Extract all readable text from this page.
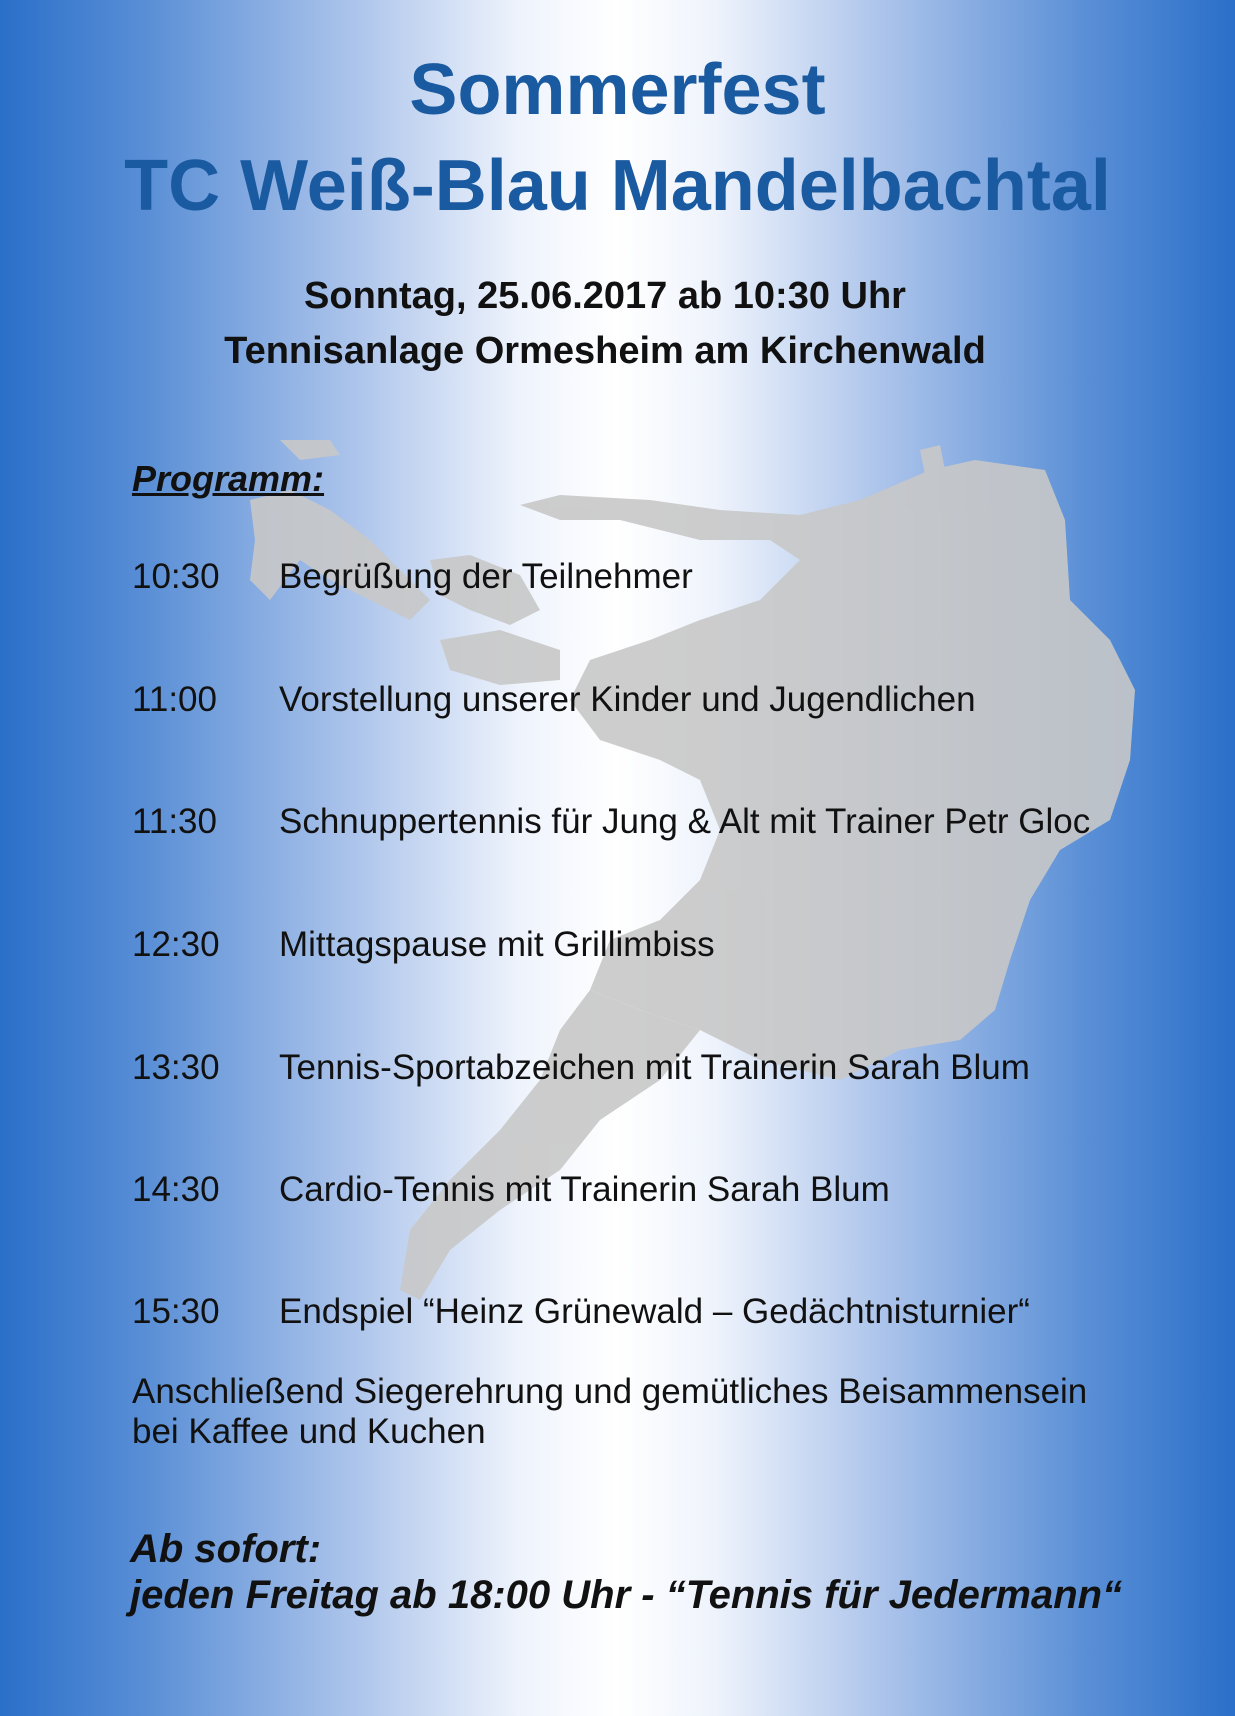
Sommerfest
TC Weiß-Blau Mandelbachtal

Sonntag, 25.06.2017 ab 10:30 Uhr

Tennisanlage Ormesheim am Kirchenwald

Programm:

10:30 Begrüßung der Teilnehmer
11:00 Vorstellung unserer Kinder und Jugendlichen
11:30 Schnuppertennis für Jung & Alt mit Trainer Petr Gloc
12:30 Mittagspause mit Grillimbiss
13:30 Tennis-Sportabzeichen mit Trainerin Sarah Blum
14:30 Cardio-Tennis mit Trainerin Sarah Blum
15:30 Endspiel “Heinz Grünewald – Gedächtnisturnier“

Anschließend Siegerehrung und gemütliches Beisammensein
bei Kaffee und Kuchen

Ab sofort:

jeden Freitag ab 18:00 Uhr - “Tennis für Jedermann“
